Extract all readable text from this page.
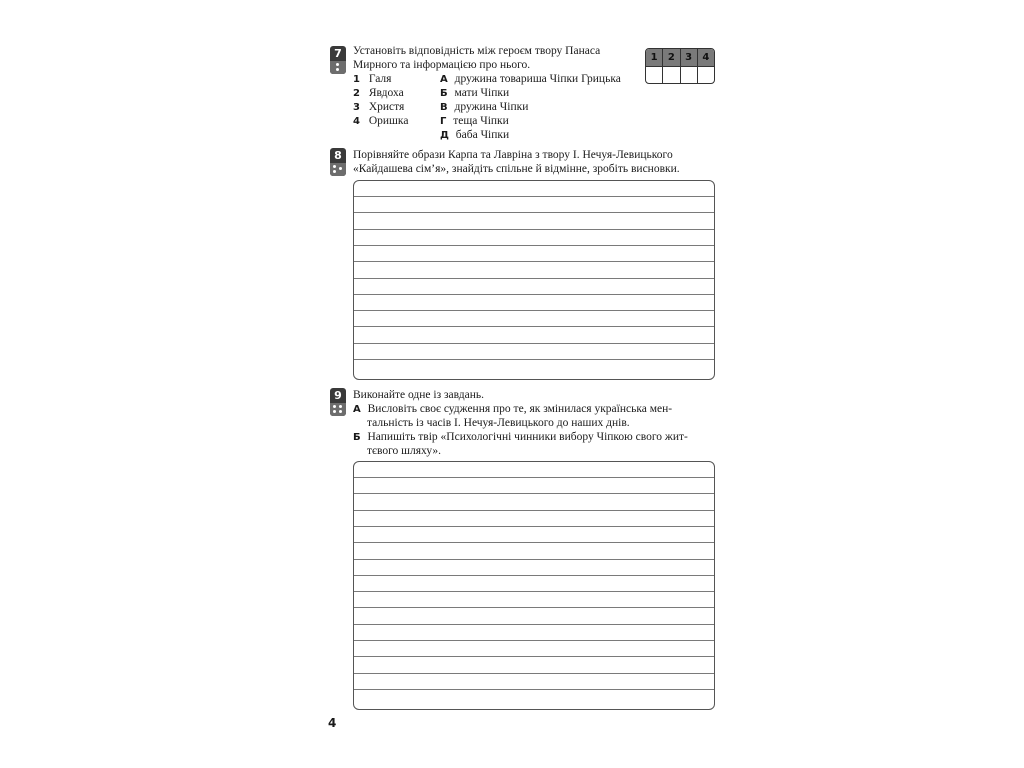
7 Установіть відповідність між героєм твору Панаса
Мирного та інформацією про нього.
1 Галя
2 Явдоха
3 Христя
4 Оришка
А дружина товариша Чіпки Грицька
Б мати Чіпки
В дружина Чіпки
Г теща Чіпки
Д баба Чіпки
1	2	3	4
8 Порівняйте образи Карпа та Лавріна з твору І. Нечуя-Левицького
«Кайдашева сім’я», знайдіть спільне й відмінне, зробіть висновки.
9 Виконайте одне із завдань.
А Висловіть своє судження про те, як змінилася українська мен-
тальність із часів І. Нечуя-Левицького до наших днів.
Б Напишіть твір «Психологічні чинники вибору Чіпкою свого жит-
тєвого шляху».
4
